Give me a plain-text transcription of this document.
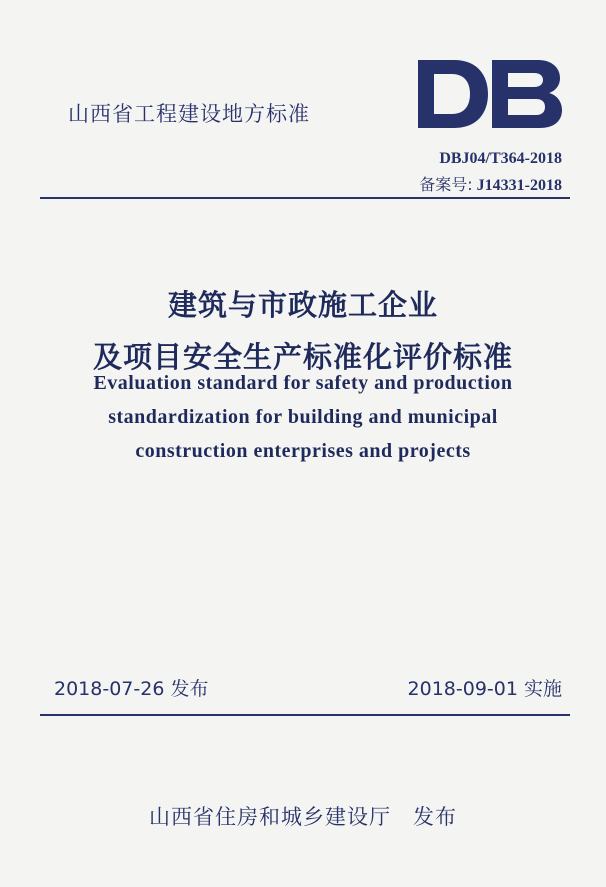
山西省工程建设地方标准
DBJ04/T364-2018
备案号: J14331-2018
建筑与市政施工企业
及项目安全生产标准化评价标准
Evaluation standard for safety and production
standardization for building and municipal
construction enterprises and projects
2018-07-26 发布	2018-09-01 实施
山西省住房和城乡建设厅　发布
